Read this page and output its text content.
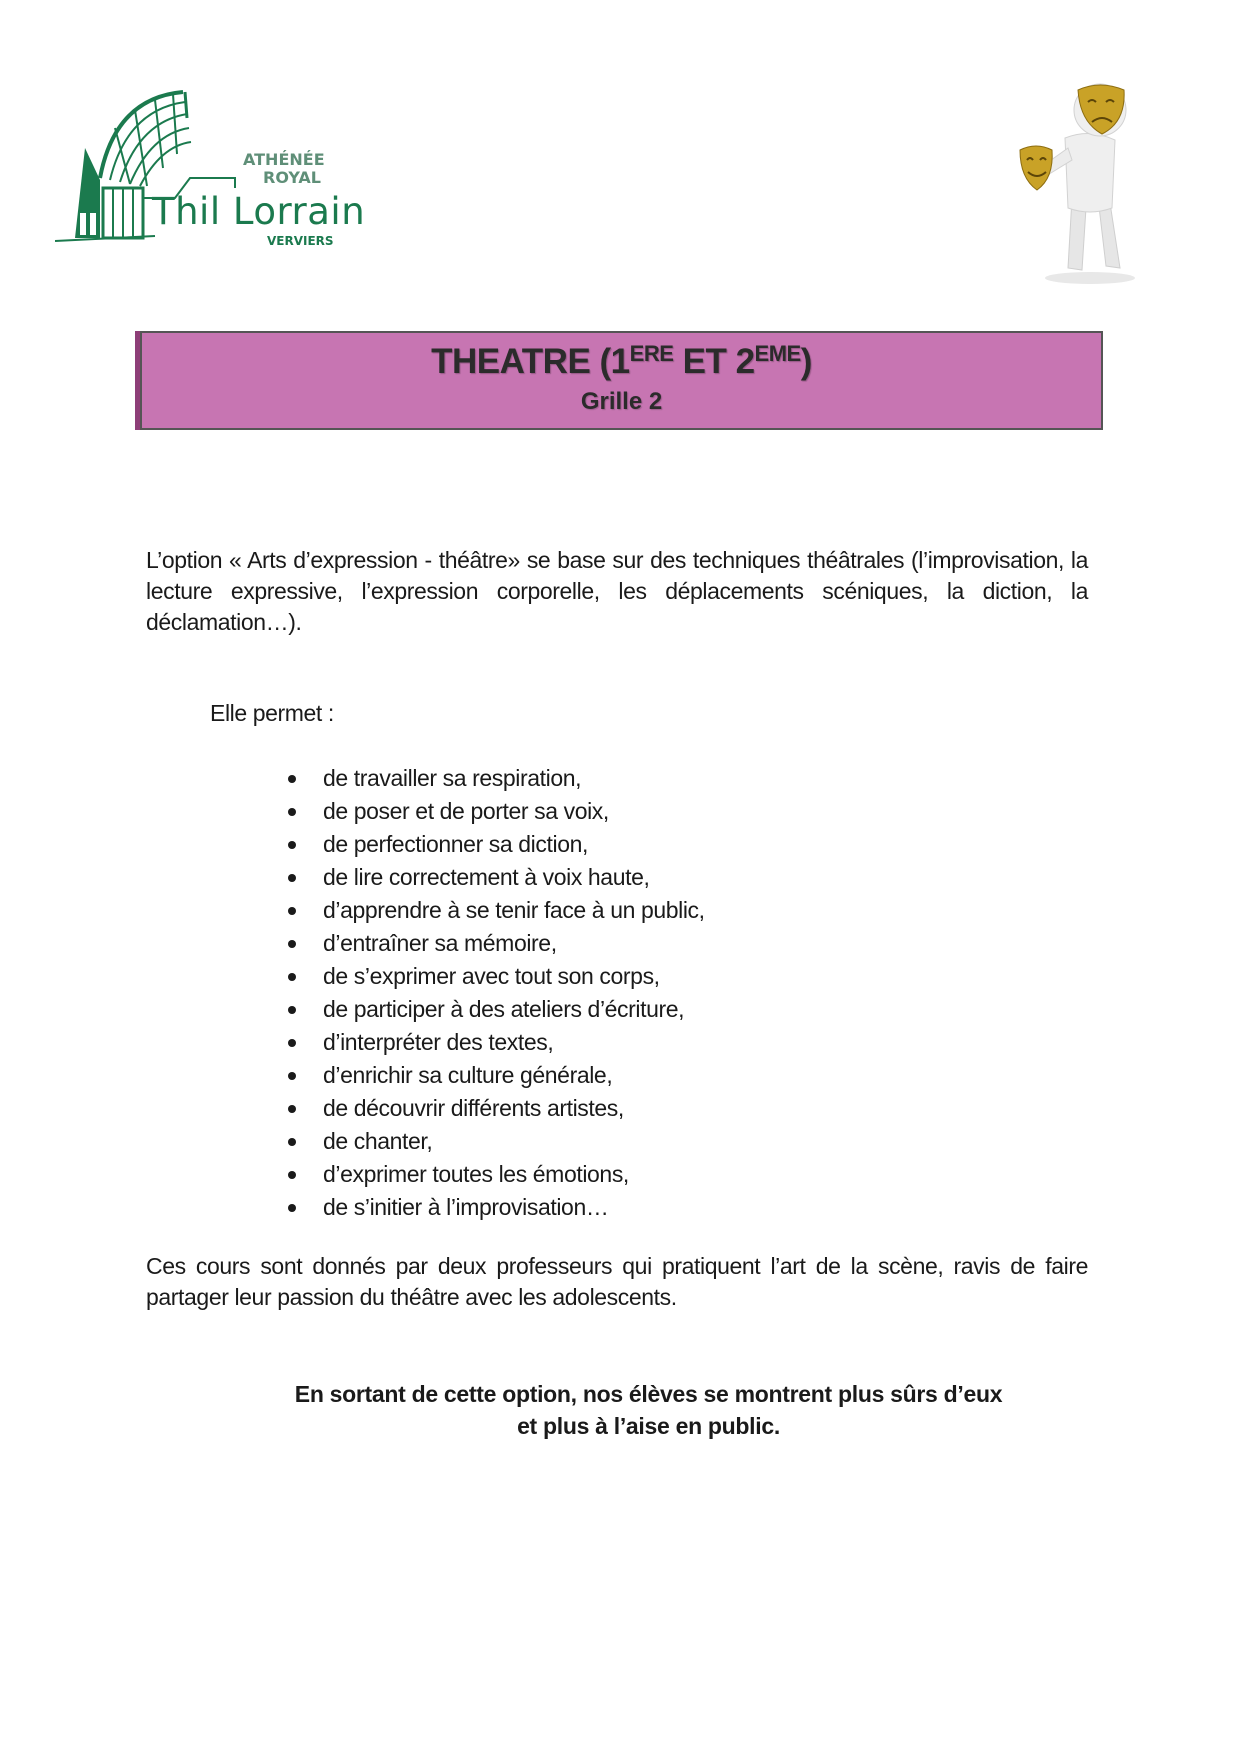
ATHÉNÉE
ROYAL
Thil Lorrain
VERVIERS
THEATRE (1ERE ET 2EME)
Grille 2

L’option « Arts d’expression - théâtre» se base sur des techniques théâtrales (l’improvisation, la lecture expressive, l’expression corporelle, les déplacements scéniques, la diction, la déclamation…).

Elle permet :
de travailler sa respiration,
de poser et de porter sa voix,
de perfectionner sa diction,
de lire correctement à voix haute,
d’apprendre à se tenir face à un public,
d’entraîner sa mémoire,
de s’exprimer avec tout son corps,
de participer à des ateliers d’écriture,
d’interpréter des textes,
d’enrichir sa culture générale,
de découvrir différents artistes,
de chanter,
d’exprimer toutes les émotions,
de s’initier à l’improvisation…

Ces cours sont donnés par deux professeurs qui pratiquent l’art de la scène, ravis de faire partager leur passion du théâtre avec les adolescents.

En sortant de cette option, nos élèves se montrent plus sûrs d’eux
et plus à l’aise en public.
